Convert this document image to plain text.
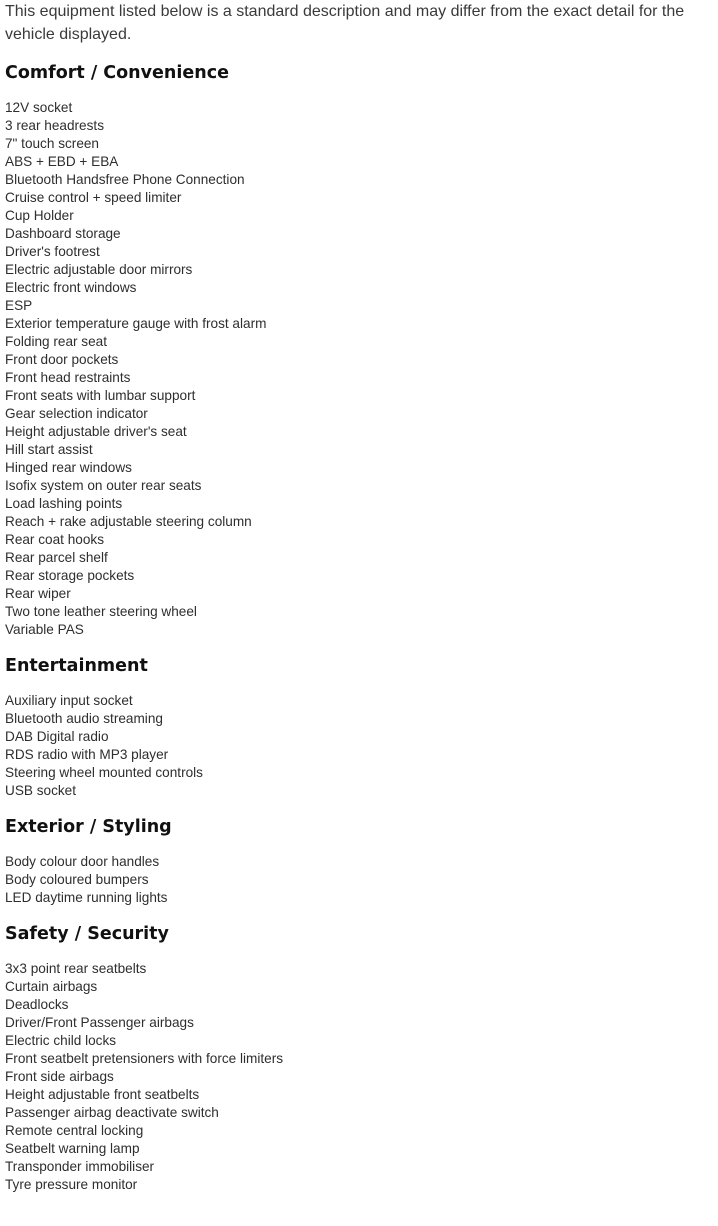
This equipment listed below is a standard description and may differ from the exact detail for the vehicle displayed.

Comfort / Convenience
12V socket
3 rear headrests
7" touch screen
ABS + EBD + EBA
Bluetooth Handsfree Phone Connection
Cruise control + speed limiter
Cup Holder
Dashboard storage
Driver's footrest
Electric adjustable door mirrors
Electric front windows
ESP
Exterior temperature gauge with frost alarm
Folding rear seat
Front door pockets
Front head restraints
Front seats with lumbar support
Gear selection indicator
Height adjustable driver's seat
Hill start assist
Hinged rear windows
Isofix system on outer rear seats
Load lashing points
Reach + rake adjustable steering column
Rear coat hooks
Rear parcel shelf
Rear storage pockets
Rear wiper
Two tone leather steering wheel
Variable PAS
Entertainment
Auxiliary input socket
Bluetooth audio streaming
DAB Digital radio
RDS radio with MP3 player
Steering wheel mounted controls
USB socket
Exterior / Styling
Body colour door handles
Body coloured bumpers
LED daytime running lights
Safety / Security
3x3 point rear seatbelts
Curtain airbags
Deadlocks
Driver/Front Passenger airbags
Electric child locks
Front seatbelt pretensioners with force limiters
Front side airbags
Height adjustable front seatbelts
Passenger airbag deactivate switch
Remote central locking
Seatbelt warning lamp
Transponder immobiliser
Tyre pressure monitor
